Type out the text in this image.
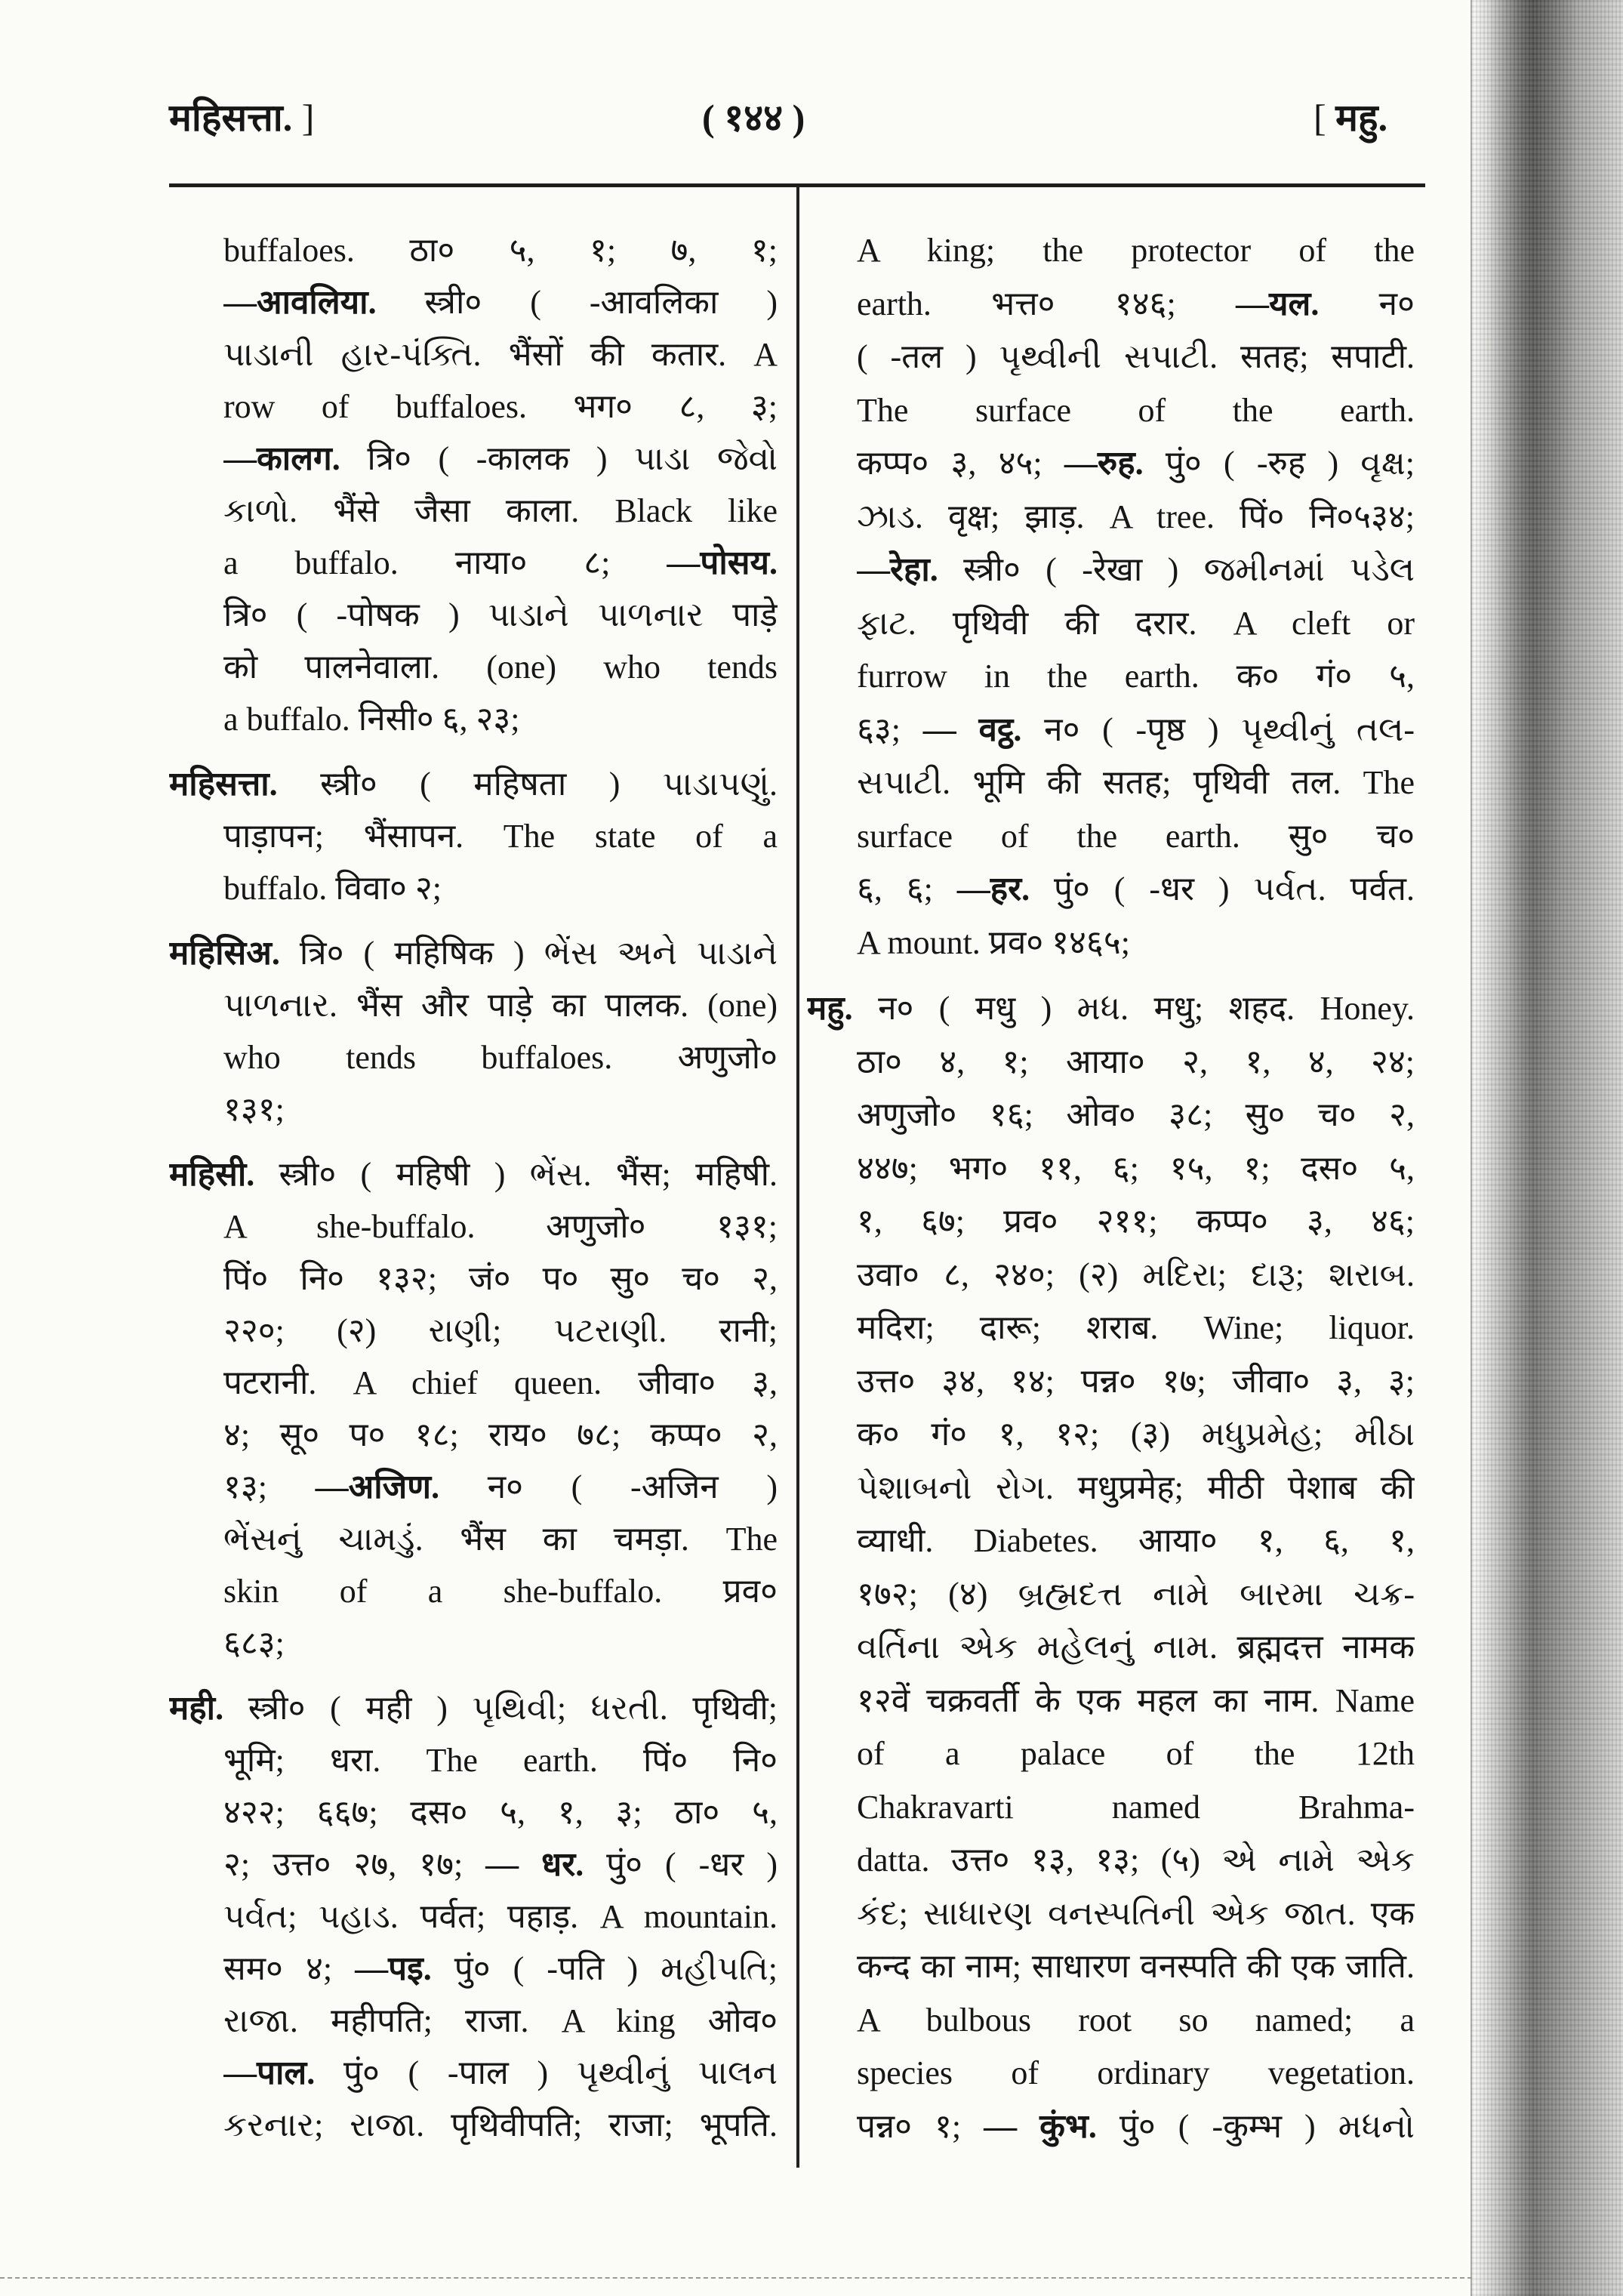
महिसत्ता. ]	( १४४ )	[ महु.
buffaloes. ठा० ५, १; ७, १;
—आवलिया. स्त्री० ( -आवलिका )
પાડાની હાર-પંક્તિ. भैंसों की कतार. A
row of buffaloes. भग० ८, ३;
—कालग. त्रि० ( -कालक ) પાડા જેવો
કાળો. भैंसे जैसा काला. Black like
a buffalo. नाया० ८; —पोसय.
त्रि० ( -पोषक ) પાડાને પાળનાર पाड़े
को पालनेवाला. (one) who tends
a buffalo. निसी० ६, २३;
महिसत्ता. स्त्री० ( महिषता ) પાડાપણું.
पाड़ापन; भैंसापन. The state of a
buffalo. विवा० २;
महिसिअ. त्रि० ( महिषिक ) ભેંસ અને પાડાને
પાળનાર. भैंस और पाड़े का पालक. (one)
who tends buffaloes. अणुजो०
१३१;
महिसी. स्त्री० ( महिषी ) ભેંસ. भैंस; महिषी.
A she-buffalo. अणुजो० १३१;
पिं० नि० १३२; जं० प० सु० च० २,
२२०; (२) રાણી; પટરાણી. रानी;
पटरानी. A chief queen. जीवा० ३,
४; सू० प० १८; राय० ७८; कप्प० २,
१३; —अजिण. न० ( -अजिन )
ભેંસનું ચામડું. भैंस का चमड़ा. The
skin of a she-buffalo. प्रव०
६८३;
मही. स्त्री० ( मही ) પૃથિવી; ધરતી. पृथिवी;
भूमि; धरा. The earth. पिं० नि०
४२२; ६६७; दस० ५, १, ३; ठा० ५,
२; उत्त० २७, १७; — धर. पुं० ( -धर )
પર્વત; પહાડ. पर्वत; पहाड़. A mountain.
सम० ४; —पइ. पुं० ( -पति ) મહીપતિ;
રાજા. महीपति; राजा. A king ओव०
—पाल. पुं० ( -पाल ) પૃથ્વીનું પાલન
કરનાર; રાજા. पृथिवीपति; राजा; भूपति.
A king; the protector of the
earth. भत्त० १४६; —यल. न०
( -तल ) પૃથ્વીની સપાટી. सतह; सपाटी.
The surface of the earth.
कप्प० ३, ४५; —रुह. पुं० ( -रुह ) વૃક્ષ;
ઝાડ. वृक्ष; झाड़. A tree. पिं० नि०५३४;
—रेहा. स्त्री० ( -रेखा ) જમીનમાં પડેલ
ફાટ. पृथिवी की दरार. A cleft or
furrow in the earth. क० गं० ५,
६३; — वट्ठ. न० ( -पृष्ठ ) પૃથ્વીનું તલ-
સપાટી. भूमि की सतह; पृथिवी तल. The
surface of the earth. सु० च०
६, ६; —हर. पुं० ( -धर ) પર્વત. पर्वत.
A mount. प्रव० १४६५;
महु. न० ( मधु ) મધ. मधु; शहद. Honey.
ठा० ४, १; आया० २, १, ४, २४;
अणुजो० १६; ओव० ३८; सु० च० २,
४४७; भग० ११, ६; १५, १; दस० ५,
१, ६७; प्रव० २११; कप्प० ३, ४६;
उवा० ८, २४०; (२) મદિરા; દારૂ; શરાબ.
मदिरा; दारू; शराब. Wine; liquor.
उत्त० ३४, १४; पन्न० १७; जीवा० ३, ३;
क० गं० १, १२; (३) મધુપ્રમેહ; મીઠા
પેશાબનો રોગ. मधुप्रमेह; मीठी पेशाब की
व्याधी. Diabetes. आया० १, ६, १,
१७२; (४) બ્રહ્મદત્ત નામે બારમા ચક્ર-
વર્તિના એક મહેલનું નામ. ब्रह्मदत्त नामक
१२वें चक्रवर्ती के एक महल का नाम. Name
of a palace of the 12th
Chakravarti named Brahma-
datta. उत्त० १३, १३; (५) એ નામે એક
કંદ; સાધારણ વનસ્પતિની એક જાત. एक
कन्द का नाम; साधारण वनस्पति की एक जाति.
A bulbous root so named; a
species of ordinary vegetation.
पन्न० १; — कुंभ. पुं० ( -कुम्भ ) મધનો
